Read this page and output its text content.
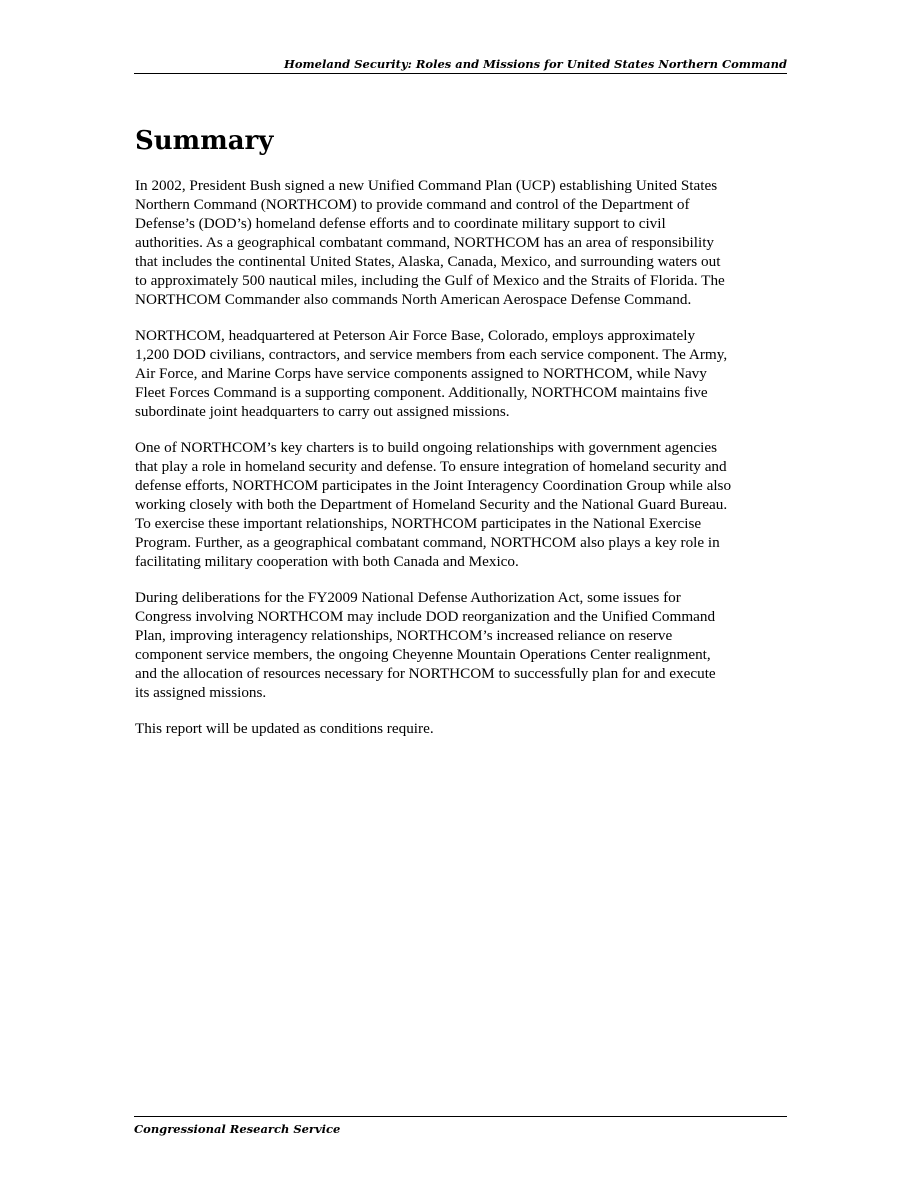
Homeland Security: Roles and Missions for United States Northern Command
Summary

In 2002, President Bush signed a new Unified Command Plan (UCP) establishing United States
Northern Command (NORTHCOM) to provide command and control of the Department of
Defense’s (DOD’s) homeland defense efforts and to coordinate military support to civil
authorities. As a geographical combatant command, NORTHCOM has an area of responsibility
that includes the continental United States, Alaska, Canada, Mexico, and surrounding waters out
to approximately 500 nautical miles, including the Gulf of Mexico and the Straits of Florida. The
NORTHCOM Commander also commands North American Aerospace Defense Command.

NORTHCOM, headquartered at Peterson Air Force Base, Colorado, employs approximately
1,200 DOD civilians, contractors, and service members from each service component. The Army,
Air Force, and Marine Corps have service components assigned to NORTHCOM, while Navy
Fleet Forces Command is a supporting component. Additionally, NORTHCOM maintains five
subordinate joint headquarters to carry out assigned missions.

One of NORTHCOM’s key charters is to build ongoing relationships with government agencies
that play a role in homeland security and defense. To ensure integration of homeland security and
defense efforts, NORTHCOM participates in the Joint Interagency Coordination Group while also
working closely with both the Department of Homeland Security and the National Guard Bureau.
To exercise these important relationships, NORTHCOM participates in the National Exercise
Program. Further, as a geographical combatant command, NORTHCOM also plays a key role in
facilitating military cooperation with both Canada and Mexico.

During deliberations for the FY2009 National Defense Authorization Act, some issues for
Congress involving NORTHCOM may include DOD reorganization and the Unified Command
Plan, improving interagency relationships, NORTHCOM’s increased reliance on reserve
component service members, the ongoing Cheyenne Mountain Operations Center realignment,
and the allocation of resources necessary for NORTHCOM to successfully plan for and execute
its assigned missions.

This report will be updated as conditions require.

Congressional Research Service
